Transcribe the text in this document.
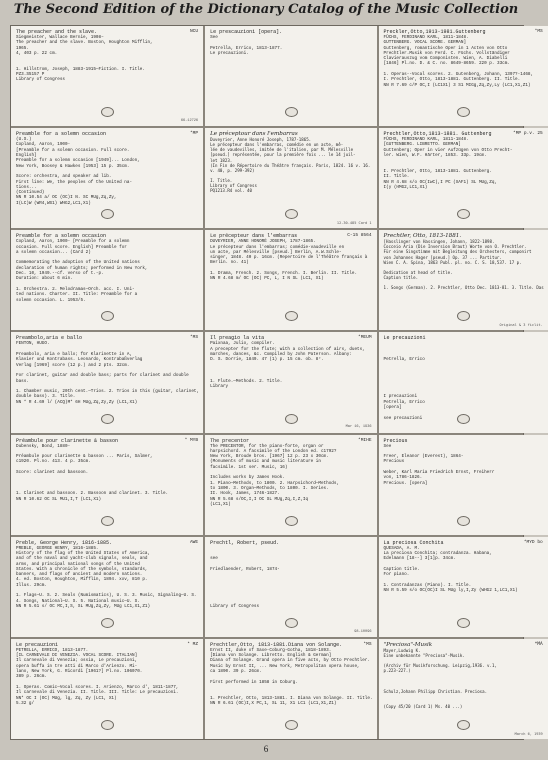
The Second Edition of the Dictionary Catalog of the Music Collection
The preacher and the slave.	NCU
Siegmeister, Wallace Bernie, 1908–
The preacher and the slave. Boston, Houghton Mifflin,
1965.
4, 403 p. 22 cm.

1. Hillstrom, Joseph, 1883-1915—Fiction. I. Title.
PZ3.S5157 P
Library of Congress
66-12726
Le prescauzioni [opera].
See

Petrella, Errico, 1813-1877.
Le precauzioni.
Preckler,Otto,1913-1981.Guttenberg	*MS
FÜCHS, FERDINAND KARL, 1811-1848.
GUTTENBERG. VOCAL SCORE. GERMAN]
Guttenberg, romantische Oper in 1 Acten von Otto
Prechtler.Musik von Ferd. C. Füchs. Vollständiger
Clavierauszug vom Componisten. Wien, A. Diabelli
[1846] Pl.no. D. & C. no. 8649-8659. 220 p. 33cm.

1. Operas--Vocal scores. 2. Gutenberg, Johann, 1397?-1468,
I. Prechtler, Otto, 1813-1881. Guttenberg. II. Title.
NN R 7.69 c/P OC,I (LC1X1) 3 S1 MIGg,Zq,Zy,Ly (LC1,X1,Z1)
Preamble for a solemn occasion	*MP
(U.S.)
Copland, Aaron, 1900-
[Preamble for a solemn occasion. Full score.
English]
Preamble for a solemn occasion [1949]... London,
New York, Boosey & Hawkes [1953] 15 p. 35cm.

Score: orchestra, and speaker ad lib.
First line: We, the peoples of the United na-
tions...
(Continued)
NN R 10.54 a/ OC (OC)I N. SC MUg,Zq,Zy,
I(LC)W (WR4,WS1) WHG2,LC1,X1)
Le préceptour dans l'embarras
Duveyrier, Anne Honoré Joseph, 1787-1865.
Le précepteur dans l'embarras, comédie en un acte, mê-
lée de vaudevilles, imitée de l'italien, par M. Mélesville
[pseud.] représentée, pour la première fois ... le 14 juil-
let 1823.
(In Fin de Répertoire du Théâtre français. Paris, 1824. 16 v. 16.
v. 40, p. 299-392)

I. Title.
Library of Congress
PQ1213.R4 vol. 40
12-30-485 Card 1
Prechtler,Otto,1813-1881. Guttenberg	*MP p.v. 25
FÜCHS, FERDINAND KARL, 1811-1848.
[GUTTENBERG. LIBRETTO. GERMAN]
Guttenberg; Oper in vier Aufzügen von Otto Precht-
ler. Wien, W.F. Härter, 1853. 33p. 19cm.

I. Prechtler, Otto, 1813-1881. Guttenberg.
II. Title.
NN R 4.68 s/o OC(IwC),I PC (XAF1) SL MUg,Zq,
I(y (HMG2,LC1,X1)
Preamble for a solemn occasion
Copland, Aaron, 1900- [Preamble for a solemn
occasion. Full score. English] Preamble for
a solemn occasion... (Card 2)

Commemorating the adoption of the United nations
declaration of human rights; performed in New York,
Dec. 10, 1949.--cf. verso of t.-p.
Duration: about 6 min.

1. Orchestra. 2. Melodramas—Orch. acc. I. Uni-
ted nations. Charter. II. Title: Preamble for a
solemn occasion. L. 1953/5.
Le précepteur dans l'embarras	C-15 8564
DUVEYRIER, ANNE HONORÉ JOSEPH, 1787-1865.
Le précepteur dans l'embarras; comédie-vaudeville en
un acte, par Mélesville [pseud.] Berlin, A.W.Schle-
singer, 1848. 40 p. 16cm. (Repertoire de l'Théâtre français à
Berlin. no. 41)

1. Drama, French. 2. Songs, French. I. Berlin. II. Title.
NN R 4.68 m/ OC (OC) PC, L, I N SL (LC1, X1)
Prechtler, Otto, 1813-1881.
[Hasslinger von Hassingen, Johann, 1822-1898.
Cocceio Aria (Die Inversion Braut) Worte von O. Prechtler.
Für eine Singstimme mit Begleitung des Orchesters, componirt
von Johannes Hager [pseud.] Op. 37 ... Partitur.
Wien C. A. Spina, 1863 Publ. pl. no. C. S. 18,537. 17 p.

Dedication at head of title.
Caption title.

1. Songs (German). 2. Prechtler, Otto Dec. 1813-81. 3. Title. Das
Original & 3 ficlit.
Preambolo,aria e ballo	*MS
FENTON, HUGO.

Preambolo, aria e ballo; für Klarinette in A,
Klavier und Kontrabass. Leonardo, Kontrabaßverlag
Verlag [1969] score (12 p.) and 2 pts. 32cm.

For clarinet, guitar and double bass; parts for clarinet and double
bass.

1. Chamber music, 20th cent.—Trios. 2. Trios in this (guitar, clarinet,
double bass). 3. Title.
NN * R 4.69 l/ (ACQ)M* 6H MUg,Zq,Zy,Zy (LC1,X1)
Il preagio la vita	*MEUM
Paixnaa, Julio, compiler.
A precepter for the flute; with a collection of airs, duets,
marches, dances, &c. Compiled by John Paterson. Albany:
D. S. Dorrie, 1849. 47 (1) p. 15 cm. ob. 8°.

1. Flute.—Methods. 2. Title.
Library
Mar 16, 1936
Le precauzioni

Petrella, Errico

I precauzioni
Petrella, Errico
[opera]

see precauzioni
Préambule pour clarinette & basson	* MYB
Dubensky, Bond, 1880-

Préambule pour clarinette & basson ... Paris, Salmer,
c1920. Pl.no. 413. 4 p. 35cm.

Score: clarinet and bassoon.

1. Clarinet and bassoon. 2. Bassoon and clarinet. 3. Title.
NN R 10.62 OC SL MU1,I,T (LC1,X1)
The precentor	*MIHE
The PRECENTOR, for the piano-forte, organ or
harpsichord. A facsimile of the London ed. c1792?
New York, Broude bros. [1967] 12 p. 23 x 30cm.
(Monuments of music and music literature in
facsimile. 1st ser. Music, 16)

Includes works by James Hook.
1. Piano—Methods, to 1800. 2. Harpsichord—Methods,
to 1800. 3. Organ—Methods, to 1800. I. Series.
II. Hook, James, 1746-1827.
NN R 5.68 s/OC,I,I OC SL MUg,Zq,I,Z,Iq
(LC1,X1)
Precious
See

Freer, Eleanor (Everest), 1864-
Precious

Weber, Karl Maria Friedrich Ernst, Freiherr
von, 1786-1826.
Precious. [opera]
Preble, George Henry, 1816-1885.	AWE
PREBLE, GEORGE HENRY, 1816-1885.
History of the flag of the United States of America,
and of the naval and yacht-club signals, seals, and
arms, and principal national songs of the United
States. With a chronicle of the symbols, standards,
banners, and flags of ancient and modern nations.
4. ed. Boston, Houghton, Mifflin, 1894. xxv, 810 p.
Illus. 29cm.

1. Flags—U. S. 2. Seals (Numismatics), U. S. 3. Music, Signaling—U. S.
4. Songs, National—U. S. 5. National music—U. S.
NN R 5.61 s/ OC MC,I,S, SL MUg,Zq,Zy, MUg LC1,X1,Z1)
Prechtl, Robert, pseud.

see

Friedlaender, Robert, 1874-

Library of Congress

98-10096
La preciosa Conchita	*MYD bo
QUESADA, A. M.
La preciosa Conchita; contradanza. Habana,
Edelmann [18--] 3[1]p. 34cm.

Caption title.
For piano.

1. Contradanzas (Piano). I. Title.
NN R 5.59 s/o OC(OC)I SL MUg ly,I,Zy (WHG2 1,LC1,X1)
Le precauzioni	* MZ
PETRELLA, ERRICO, 1813-1877.
[IL CARNEVALE DI VENEZIA. VOCAL SCORE. ITALIAN]
Il carnevale di Venezia; ossia, Le precauzioni,
opera buffa in tre atti di Marco d'Arienzo. Mi-
lano, New York, G. Ricordi [1961?] Pl.no. 106070.
389 p. 26cm.

1. Operas. Comic—Vocal scores. I. Arienzo, Marco d', 1811-1877,
Il carnevale di Venezia. II. Title. III. Title: Le precauzioni.
NN* OC I (OC) MUg, lg, Zq, Zy (LC1, X1)
5.32 g/
Prechtler,Otto, 1813-1881.Diana von Solange.	*MS
Ernst II, duke of Saxe-Coburg-Gotha, 1818-1893.
[Diana von Solange. Libretto. English & German]
Diana of Solange. Grand opera in five acts, by Otto Prechtler.
Music by Ernst II, ... New York, Metropolitan opera house,
ca 1890. 39 p. 26cm.

First performed in 1858 in Coburg.

1. Prechtler, Otto, 1813-1881. I. Diana von Solange. II. Title.
NN R 6.61 (OC)I,X PC,1, SL 11, X1 LC1 (LC1,X1,Z1)
"Preciosa"-Musik	*MA
Mayer,Ludwig K.
Eine unbekannte "Preciosa"-Musik.

(Archiv für Musikforschung. Leipzig,1936. v.1,
p.223-227.)

Schulz,Johann Philipp Christian. Preciosa.

(Copy 45/20 (Card 1) Ms. 40 ...)
March 6, 1939
6
